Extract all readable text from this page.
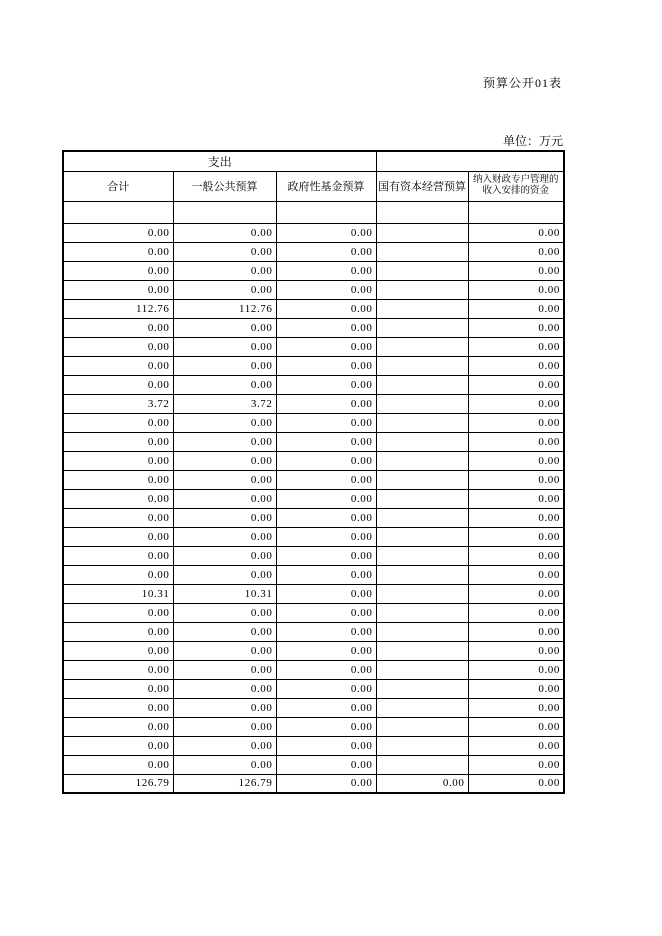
预算公开01表
单位：万元
支出				
合计	一般公共预算	政府性基金预算	国有资本经营预算	纳入财政专户管理的收入安排的资金

0.00	0.00	0.00		0.00
0.00	0.00	0.00		0.00
0.00	0.00	0.00		0.00
0.00	0.00	0.00		0.00
112.76	112.76	0.00		0.00
0.00	0.00	0.00		0.00
0.00	0.00	0.00		0.00
0.00	0.00	0.00		0.00
0.00	0.00	0.00		0.00
3.72	3.72	0.00		0.00
0.00	0.00	0.00		0.00
0.00	0.00	0.00		0.00
0.00	0.00	0.00		0.00
0.00	0.00	0.00		0.00
0.00	0.00	0.00		0.00
0.00	0.00	0.00		0.00
0.00	0.00	0.00		0.00
0.00	0.00	0.00		0.00
0.00	0.00	0.00		0.00
10.31	10.31	0.00		0.00
0.00	0.00	0.00		0.00
0.00	0.00	0.00		0.00
0.00	0.00	0.00		0.00
0.00	0.00	0.00		0.00
0.00	0.00	0.00		0.00
0.00	0.00	0.00		0.00
0.00	0.00	0.00		0.00
0.00	0.00	0.00		0.00
0.00	0.00	0.00		0.00
126.79	126.79	0.00	0.00	0.00
